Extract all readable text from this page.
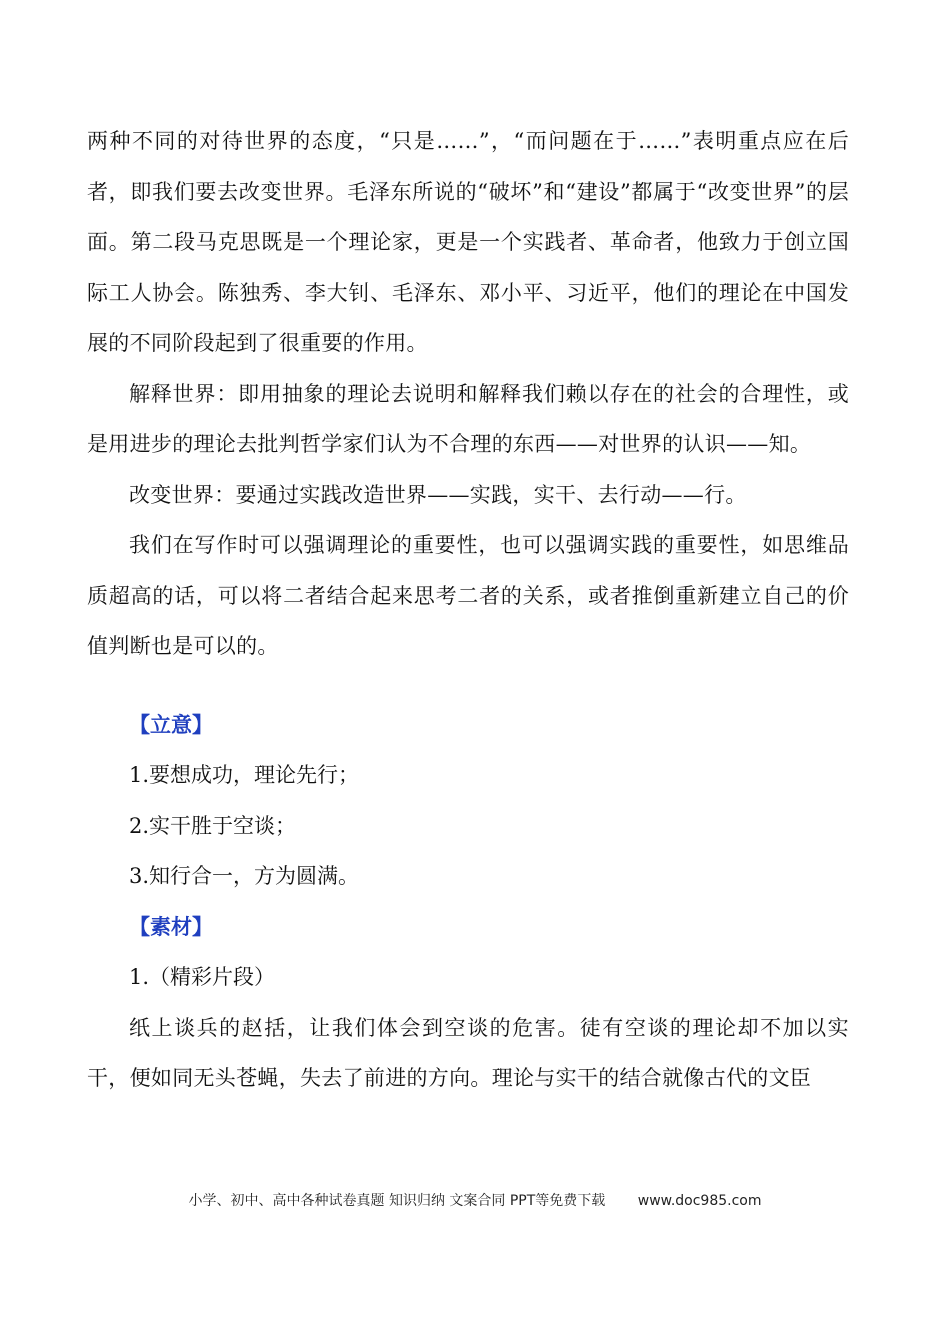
两种不同的对待世界的态度，“只是……”，“而问题在于……”表明重点应在后者，即我们要去改变世界。毛泽东所说的“破坏”和“建设”都属于“改变世界”的层面。第二段马克思既是一个理论家，更是一个实践者、革命者，他致力于创立国际工人协会。陈独秀、李大钊、毛泽东、邓小平、习近平，他们的理论在中国发展的不同阶段起到了很重要的作用。

解释世界：即用抽象的理论去说明和解释我们赖以存在的社会的合理性，或是用进步的理论去批判哲学家们认为不合理的东西——对世界的认识——知。

改变世界：要通过实践改造世界——实践，实干、去行动——行。

我们在写作时可以强调理论的重要性，也可以强调实践的重要性，如思维品质超高的话，可以将二者结合起来思考二者的关系，或者推倒重新建立自己的价值判断也是可以的。

【立意】

1.要想成功，理论先行；

2.实干胜于空谈；

3.知行合一，方为圆满。

【素材】

1.（精彩片段）

纸上谈兵的赵括，让我们体会到空谈的危害。徒有空谈的理论却不加以实干，便如同无头苍蝇，失去了前进的方向。理论与实干的结合就像古代的文臣

小学、初中、高中各种试卷真题 知识归纳 文案合同 PPT等免费下载 www.doc985.com
